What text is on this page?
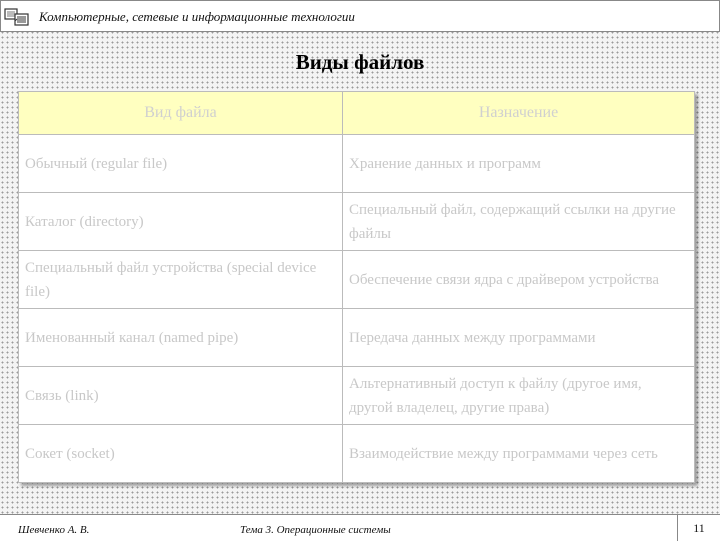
Компьютерные, сетевые и информационные технологии
Виды файлов
Вид файла	Назначение
Обычный (regular file)	Хранение данных и программ
Каталог (directory)	Специальный файл, содержащий ссылки на другие файлы
Специальный файл устройства (special device file)	Обеспечение связи ядра с драйвером устройства
Именованный канал (named pipe)	Передача данных между программами
Связь (link)	Альтернативный доступ к файлу (другое имя, другой владелец, другие права)
Сокет (socket)	Взаимодействие между программами через сеть
Шевченко А. В.	Тема 3. Операционные системы	11
